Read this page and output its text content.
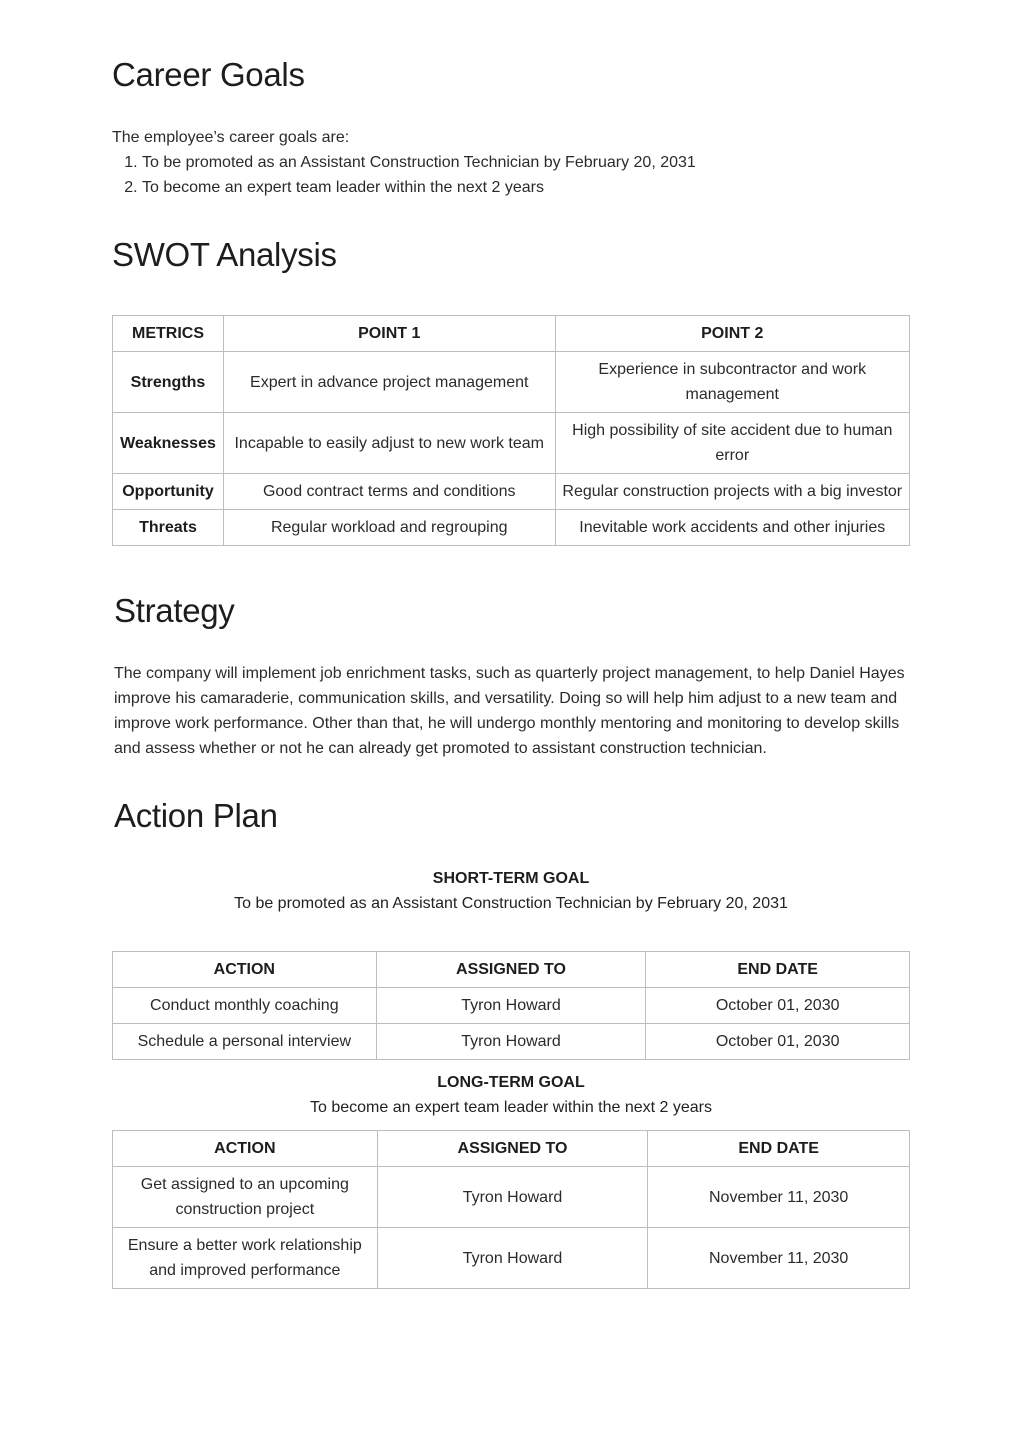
Career Goals

The employee’s career goals are:

1. To be promoted as an Assistant Construction Technician by February 20, 2031
2. To become an expert team leader within the next 2 years
SWOT Analysis
METRICS	POINT 1	POINT 2
Strengths	Expert in advance project management	Experience in subcontractor and work management
Weaknesses	Incapable to easily adjust to new work team	High possibility of site accident due to human error
Opportunity	Good contract terms and conditions	Regular construction projects with a big investor
Threats	Regular workload and regrouping	Inevitable work accidents and other injuries
Strategy

The company will implement job enrichment tasks, such as quarterly project management, to help Daniel Hayes improve his camaraderie, communication skills, and versatility. Doing so will help him adjust to a new team and improve work performance. Other than that, he will undergo monthly mentoring and monitoring to develop skills and assess whether or not he can already get promoted to assistant construction technician.

Action Plan
SHORT-TERM GOAL
To be promoted as an Assistant Construction Technician by February 20, 2031
ACTION	ASSIGNED TO	END DATE
Conduct monthly coaching	Tyron Howard	October 01, 2030
Schedule a personal interview	Tyron Howard	October 01, 2030
LONG-TERM GOAL
To become an expert team leader within the next 2 years
ACTION	ASSIGNED TO	END DATE
Get assigned to an upcoming construction project	Tyron Howard	November 11, 2030
Ensure a better work relationship and improved performance	Tyron Howard	November 11, 2030
